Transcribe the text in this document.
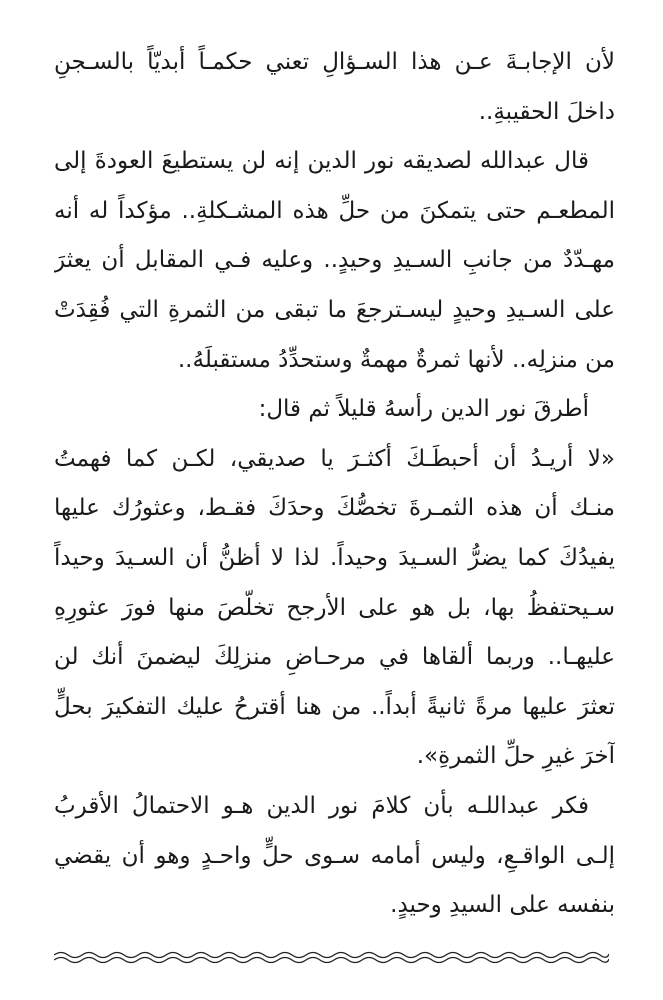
لأن الإجابـةَ عـن هذا السـؤالِ تعني حكمـاً أبديّاً بالسـجنِ
داخلَ الحقيبةِ..
قال عبدالله لصديقه نور الدين إنه لن يستطيعَ العودةَ إلى
المطعـم حتى يتمكنَ من حلِّ هذه المشـكلةِ.. مؤكداً له أنه
مهـدّدٌ من جانبِ السـيدِ وحيدٍ.. وعليه فـي المقابل أن يعثرَ
على السـيدِ وحيدٍ ليسـترجعَ ما تبقى من الثمرةِ التي فُقِدَتْ
من منزلِه.. لأنها ثمرةٌ مهمةٌ وستحدِّدُ مستقبلَهُ..
أطرقَ نور الدين رأسهُ قليلاً ثم قال:
«لا أريـدُ أن أحبطَـكَ أكثـرَ يا صديقي، لكـن كما فهمتُ
منـك أن هذه الثمـرةَ تخصُّكَ وحدَكَ فقـط، وعثورُك عليها
يفيدُكَ كما يضرُّ السـيدَ وحيداً. لذا لا أظنُّ أن السـيدَ وحيداً
سـيحتفظُ بها، بل هو على الأرجح تخلّصَ منها فورَ عثورِهِ
عليهـا.. وربما ألقاها في مرحـاضِ منزلِكَ ليضمنَ أنك لن
تعثرَ عليها مرةً ثانيةً أبداً.. من هنا أقترحُ عليك التفكيرَ بحلٍّ
آخرَ غيرِ حلِّ الثمرةِ».
فكر عبداللـه بأن كلامَ نور الدين هـو الاحتمالُ الأقربُ
إلـى الواقـعِ، وليس أمامه سـوى حلٍّ واحـدٍ وهو أن يقضي
بنفسه على السيدِ وحيدٍ.
